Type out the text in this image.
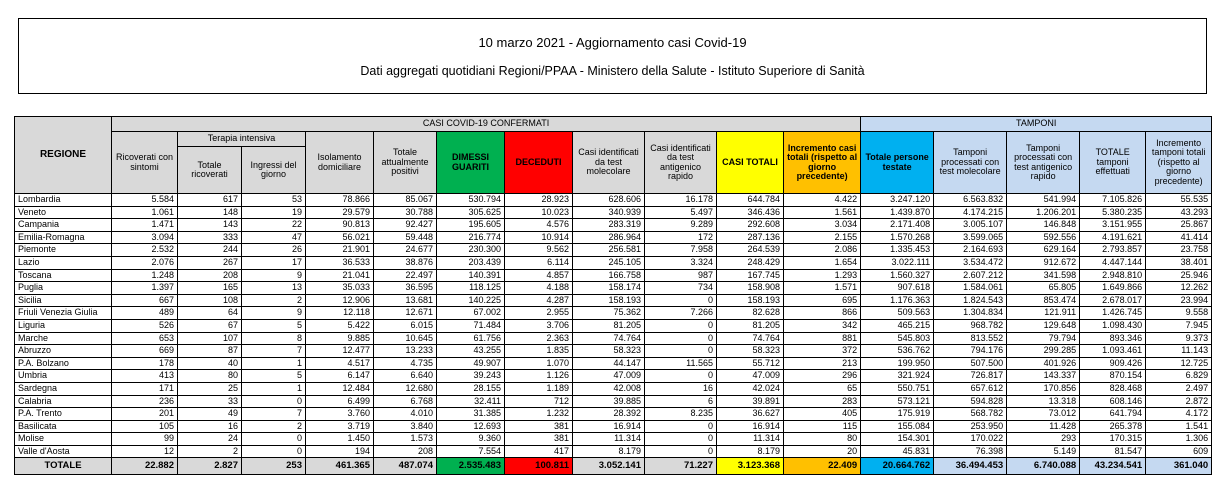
10 marzo 2021 - Aggiornamento casi Covid-19
Dati aggregati quotidiani Regioni/PPAA - Ministero della Salute - Istituto Superiore di Sanità
REGIONE	CASI COVID-19 CONFERMATI											TAMPONI				
	Ricoverati con sintomi	Terapia intensiva		Isolamento domiciliare	Totale attualmente positivi	DIMESSI GUARITI	DECEDUTI	Casi identificati da test molecolare	Casi identificati da test antigenico rapido	CASI TOTALI	Incremento casi totali (rispetto al giorno precedente)	Totale persone testate	Tamponi processati con test molecolare	Tamponi processati con test antigenico rapido	TOTALE tamponi effettuati	Incremento tamponi totali (rispetto al giorno precedente)
		Totale ricoverati	Ingressi del giorno													
Lombardia	5.584	617	53	78.866	85.067	530.794	28.923	628.606	16.178	644.784	4.422	3.247.120	6.563.832	541.994	7.105.826	55.535
Veneto	1.061	148	19	29.579	30.788	305.625	10.023	340.939	5.497	346.436	1.561	1.439.870	4.174.215	1.206.201	5.380.235	43.293
Campania	1.471	143	22	90.813	92.427	195.605	4.576	283.319	9.289	292.608	3.034	2.171.408	3.005.107	146.848	3.151.955	25.867
Emilia-Romagna	3.094	333	47	56.021	59.448	216.774	10.914	286.964	172	287.136	2.155	1.570.268	3.599.065	592.556	4.191.621	41.414
Piemonte	2.532	244	26	21.901	24.677	230.300	9.562	256.581	7.958	264.539	2.086	1.335.453	2.164.693	629.164	2.793.857	23.758
Lazio	2.076	267	17	36.533	38.876	203.439	6.114	245.105	3.324	248.429	1.654	3.022.111	3.534.472	912.672	4.447.144	38.401
Toscana	1.248	208	9	21.041	22.497	140.391	4.857	166.758	987	167.745	1.293	1.560.327	2.607.212	341.598	2.948.810	25.946
Puglia	1.397	165	13	35.033	36.595	118.125	4.188	158.174	734	158.908	1.571	907.618	1.584.061	65.805	1.649.866	12.262
Sicilia	667	108	2	12.906	13.681	140.225	4.287	158.193	0	158.193	695	1.176.363	1.824.543	853.474	2.678.017	23.994
Friuli Venezia Giulia	489	64	9	12.118	12.671	67.002	2.955	75.362	7.266	82.628	866	509.563	1.304.834	121.911	1.426.745	9.558
Liguria	526	67	5	5.422	6.015	71.484	3.706	81.205	0	81.205	342	465.215	968.782	129.648	1.098.430	7.945
Marche	653	107	8	9.885	10.645	61.756	2.363	74.764	0	74.764	881	545.803	813.552	79.794	893.346	9.373
Abruzzo	669	87	7	12.477	13.233	43.255	1.835	58.323	0	58.323	372	536.762	794.176	299.285	1.093.461	11.143
P.A. Bolzano	178	40	1	4.517	4.735	49.907	1.070	44.147	11.565	55.712	213	199.950	507.500	401.926	909.426	12.725
Umbria	413	80	5	6.147	6.640	39.243	1.126	47.009	0	47.009	296	321.924	726.817	143.337	870.154	6.829
Sardegna	171	25	1	12.484	12.680	28.155	1.189	42.008	16	42.024	65	550.751	657.612	170.856	828.468	2.497
Calabria	236	33	0	6.499	6.768	32.411	712	39.885	6	39.891	283	573.121	594.828	13.318	608.146	2.872
P.A. Trento	201	49	7	3.760	4.010	31.385	1.232	28.392	8.235	36.627	405	175.919	568.782	73.012	641.794	4.172
Basilicata	105	16	2	3.719	3.840	12.693	381	16.914	0	16.914	115	155.084	253.950	11.428	265.378	1.541
Molise	99	24	0	1.450	1.573	9.360	381	11.314	0	11.314	80	154.301	170.022	293	170.315	1.306
Valle d'Aosta	12	2	0	194	208	7.554	417	8.179	0	8.179	20	45.831	76.398	5.149	81.547	609
TOTALE	22.882	2.827	253	461.365	487.074	2.535.483	100.811	3.052.141	71.227	3.123.368	22.409	20.664.762	36.494.453	6.740.088	43.234.541	361.040
